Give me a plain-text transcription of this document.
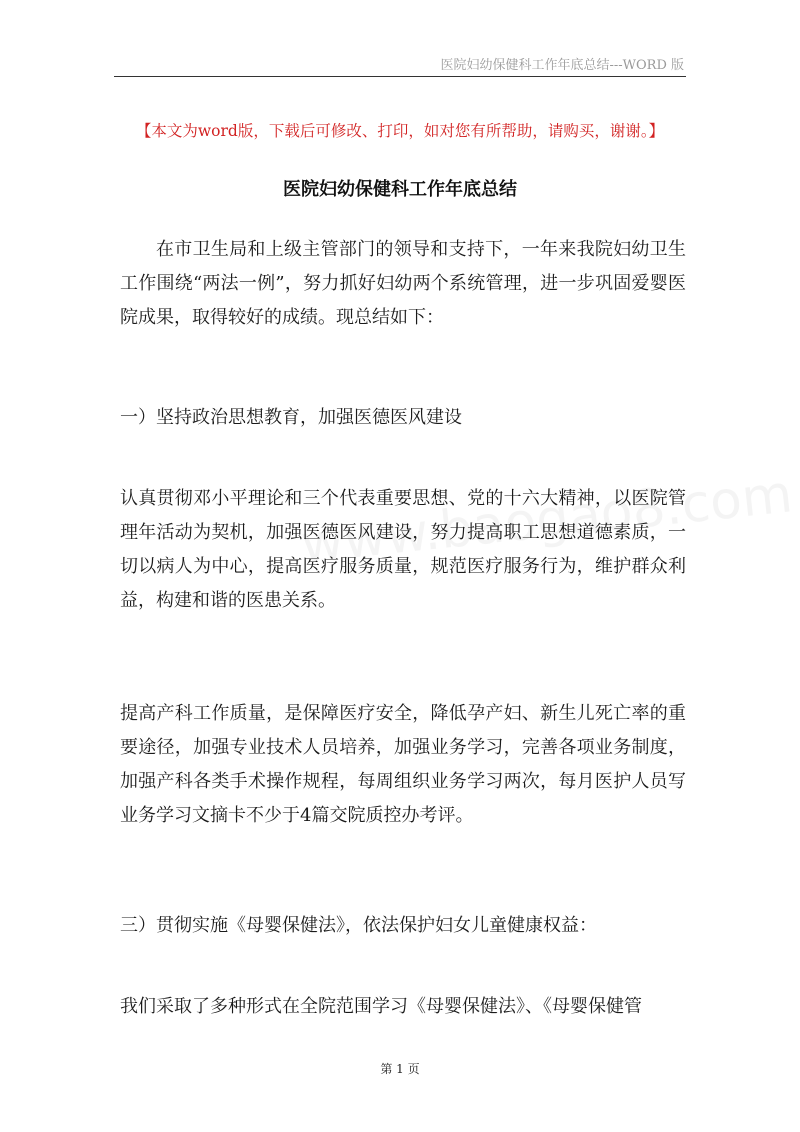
医院妇幼保健科工作年底总结---WORD 版
【本文为word版，下载后可修改、打印，如对您有所帮助，请购买，谢谢。】
医院妇幼保健科工作年底总结

在市卫生局和上级主管部门的领导和支持下，一年来我院妇幼卫生工作围绕“两法一例”，努力抓好妇幼两个系统管理，进一步巩固爱婴医院成果，取得较好的成绩。现总结如下：

一）坚持政治思想教育，加强医德医风建设

认真贯彻邓小平理论和三个代表重要思想、党的十六大精神，以医院管理年活动为契机，加强医德医风建设，努力提高职工思想道德素质，一切以病人为中心，提高医疗服务质量，规范医疗服务行为，维护群众利益，构建和谐的医患关系。

提高产科工作质量，是保障医疗安全，降低孕产妇、新生儿死亡率的重要途径，加强专业技术人员培养，加强业务学习，完善各项业务制度，加强产科各类手术操作规程，每周组织业务学习两次，每月医护人员写业务学习文摘卡不少于4篇交院质控办考评。

三）贯彻实施《母婴保健法》，依法保护妇女儿童健康权益：

我们采取了多种形式在全院范围学习《母婴保健法》、《母婴保健管

第 1 页
